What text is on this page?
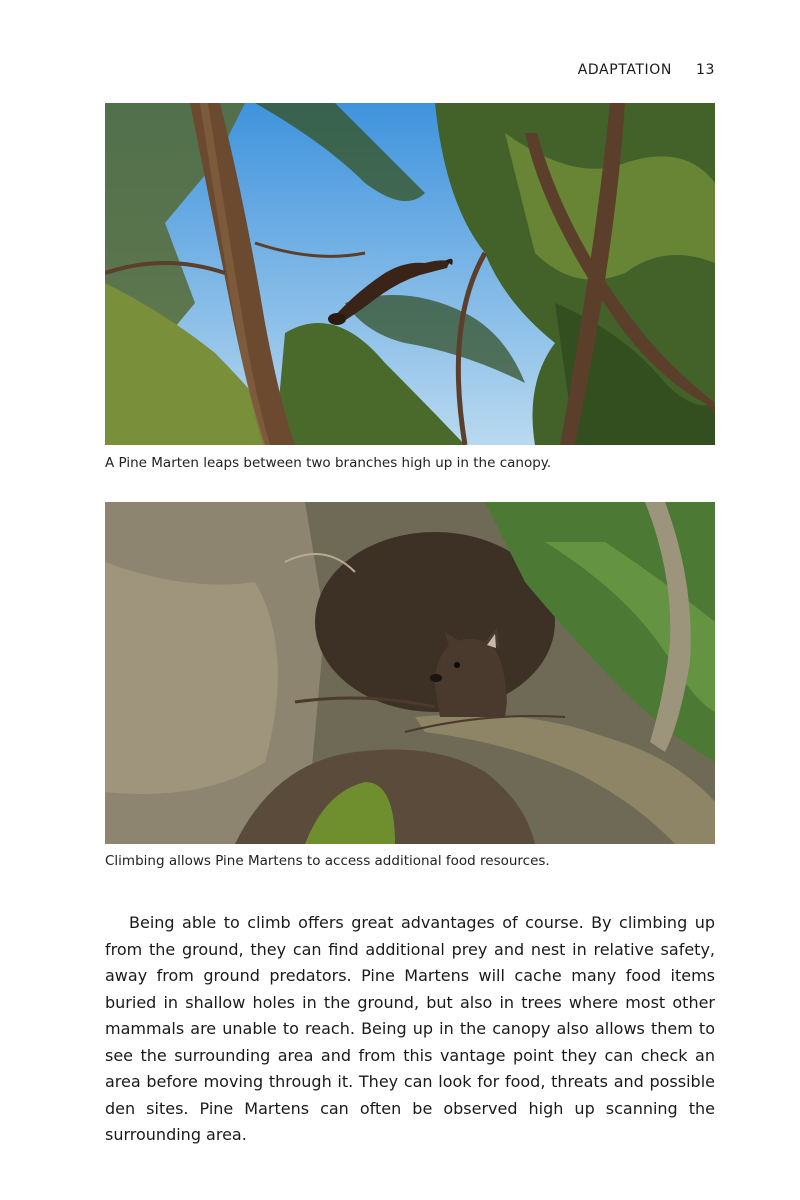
ADAPTATION 13
A Pine Marten leaps between two branches high up in the canopy.
Climbing allows Pine Martens to access additional food resources.

Being able to climb offers great advantages of course. By climbing up from the ground, they can find additional prey and nest in relative safety, away from ground predators. Pine Martens will cache many food items buried in shallow holes in the ground, but also in trees where most other mammals are unable to reach. Being up in the canopy also allows them to see the surrounding area and from this vantage point they can check an area before moving through it. They can look for food, threats and possible den sites. Pine Martens can often be observed high up scanning the surrounding area.
